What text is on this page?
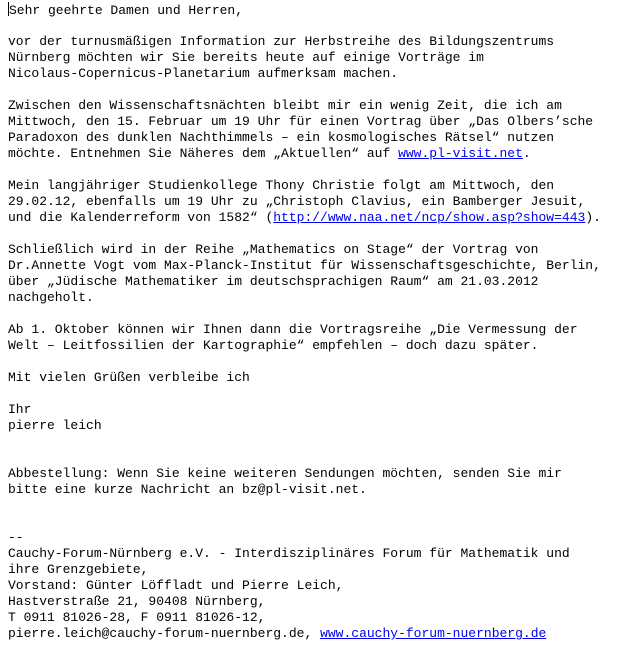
Sehr geehrte Damen und Herren,
vor der turnusmäßigen Information zur Herbstreihe des Bildungszentrums
Nürnberg möchten wir Sie bereits heute auf einige Vorträge im
Nicolaus-Copernicus-Planetarium aufmerksam machen.
Zwischen den Wissenschaftsnächten bleibt mir ein wenig Zeit, die ich am
Mittwoch, den 15. Februar um 19 Uhr für einen Vortrag über „Das Olbers’sche
Paradoxon des dunklen Nachthimmels – ein kosmologisches Rätsel“ nutzen
möchte. Entnehmen Sie Näheres dem „Aktuellen“ auf www.pl-visit.net.
Mein langjähriger Studienkollege Thony Christie folgt am Mittwoch, den
29.02.12, ebenfalls um 19 Uhr zu „Christoph Clavius, ein Bamberger Jesuit,
und die Kalenderreform von 1582“ (http://www.naa.net/ncp/show.asp?show=443).
Schließlich wird in der Reihe „Mathematics on Stage“ der Vortrag von
Dr.Annette Vogt vom Max-Planck-Institut für Wissenschaftsgeschichte, Berlin,
über „Jüdische Mathematiker im deutschsprachigen Raum“ am 21.03.2012
nachgeholt.
Ab 1. Oktober können wir Ihnen dann die Vortragsreihe „Die Vermessung der
Welt – Leitfossilien der Kartographie“ empfehlen – doch dazu später.
Mit vielen Grüßen verbleibe ich
Ihr
pierre leich
Abbestellung: Wenn Sie keine weiteren Sendungen möchten, senden Sie mir
bitte eine kurze Nachricht an bz@pl-visit.net.
--
Cauchy-Forum-Nürnberg e.V. - Interdisziplinäres Forum für Mathematik und
ihre Grenzgebiete,
Vorstand: Günter Löffladt und Pierre Leich,
Hastverstraße 21, 90408 Nürnberg,
T 0911 81026-28, F 0911 81026-12,
pierre.leich@cauchy-forum-nuernberg.de, www.cauchy-forum-nuernberg.de
